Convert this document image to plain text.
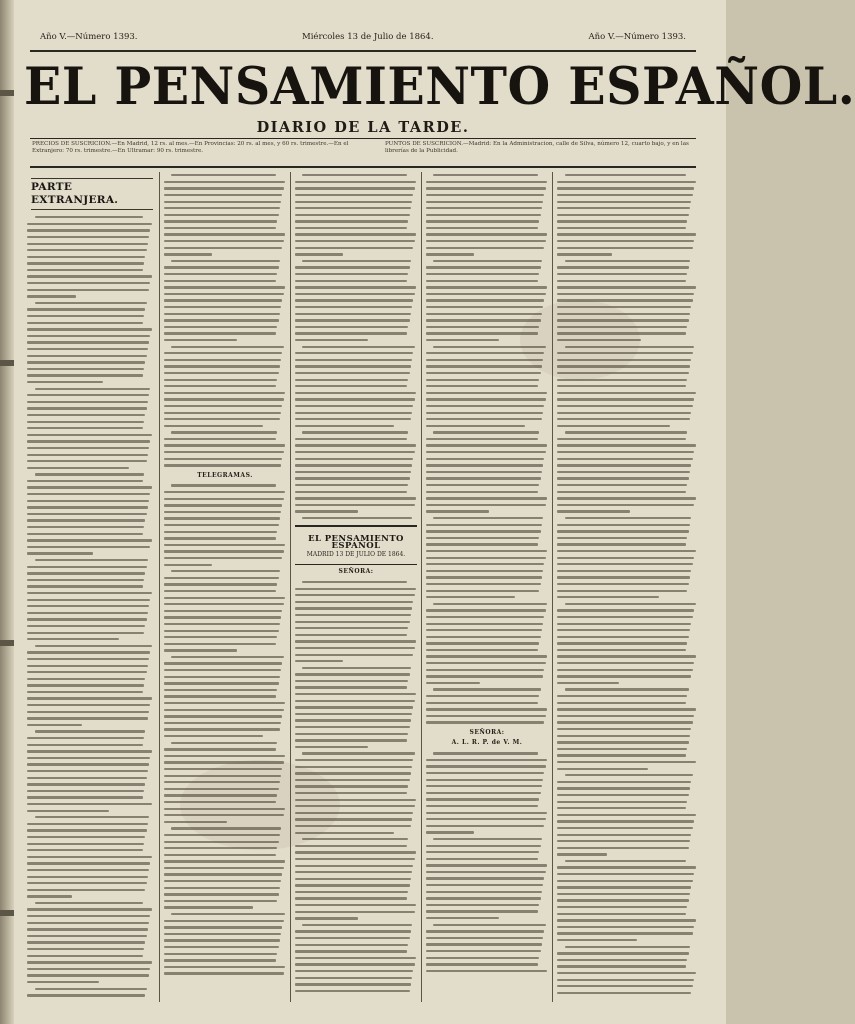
Año V.—Número 1393.	Miércoles 13 de Julio de 1864.	Año V.—Número 1393.
EL PENSAMIENTO ESPAÑOL.
DIARIO DE LA TARDE.
PRECIOS DE SUSCRICION.—En Madrid, 12 rs. al mes.—En Provincias: 20 rs. al mes, y 60 rs. trimestre.—En el Extranjero: 70 rs. trimestre.—En Ultramar: 90 rs. trimestre.
PUNTOS DE SUSCRICION.—Madrid: En la Administracion, calle de Silva, número 12, cuarto bajo, y en las librerías de la Publicidad.
PARTE EXTRANJERA.
TELEGRAMAS.
EL PENSAMIENTO ESPAÑOL
MADRID 13 DE JULIO DE 1864.
SEÑORA:
SEÑORA:
A. L. R. P. de V. M.
